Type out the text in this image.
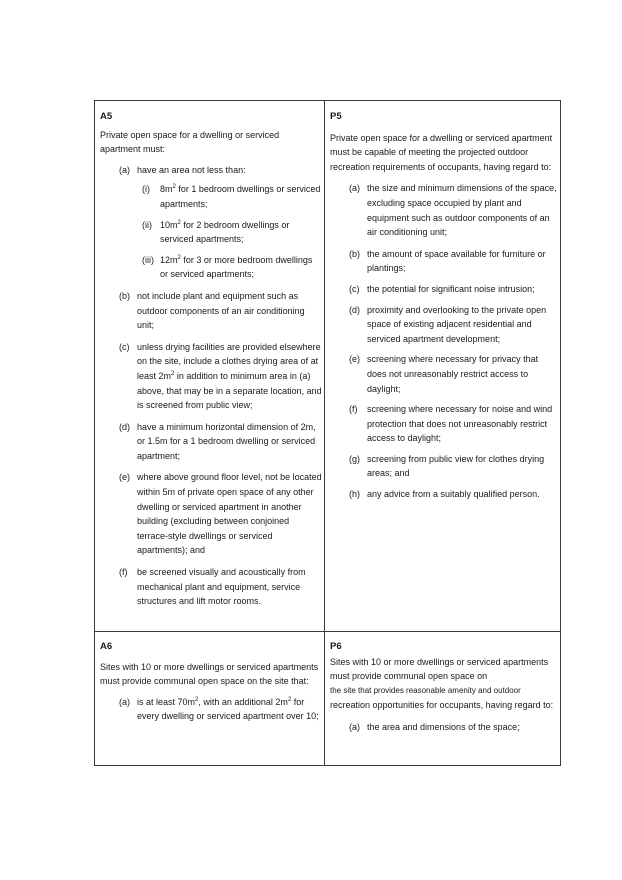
A5

Private open space for a dwelling or serviced apartment must:

(a) have an area not less than:
(i) $8m^2$ for 1 bedroom dwellings or serviced apartments;
(ii) $10m^2$ for 2 bedroom dwellings or serviced apartments;
(iii) $12m^2$ for 3 or more bedroom dwellings or serviced apartments;
(b) not include plant and equipment such as outdoor components of an air conditioning unit;
(c) unless drying facilities are provided elsewhere on the site, include a clothes drying area of at least $2m^2$ in addition to minimum area in (a) above, that may be in a separate location, and is screened from public view;
(d) have a minimum horizontal dimension of 2m, or 1.5m for a 1 bedroom dwelling or serviced apartment;
(e) where above ground floor level, not be located within 5m of private open space of any other dwelling or serviced apartment in another building (excluding between conjoined terrace-style dwellings or serviced apartments); and
(f) be screened visually and acoustically from mechanical plant and equipment, service structures and lift motor rooms.
P5

Private open space for a dwelling or serviced apartment must be capable of meeting the projected outdoor recreation requirements of occupants, having regard to:

(a) the size and minimum dimensions of the space, excluding space occupied by plant and equipment such as outdoor components of an air conditioning unit;
(b) the amount of space available for furniture or plantings;
(c) the potential for significant noise intrusion;
(d) proximity and overlooking to the private open space of existing adjacent residential and serviced apartment development;
(e) screening where necessary for privacy that does not unreasonably restrict access to daylight;
(f) screening where necessary for noise and wind protection that does not unreasonably restrict access to daylight;
(g) screening from public view for clothes drying areas; and
(h) any advice from a suitably qualified person.
A6

Sites with 10 or more dwellings or serviced apartments must provide communal open space on the site that:

(a) is at least $70m^2$, with an additional $2m^2$ for every dwelling or serviced apartment over 10;
P6

Sites with 10 or more dwellings or serviced apartments must provide communal open space on

the site that provides reasonable amenity and outdoor

recreation opportunities for occupants, having regard to:

(a) the area and dimensions of the space;
